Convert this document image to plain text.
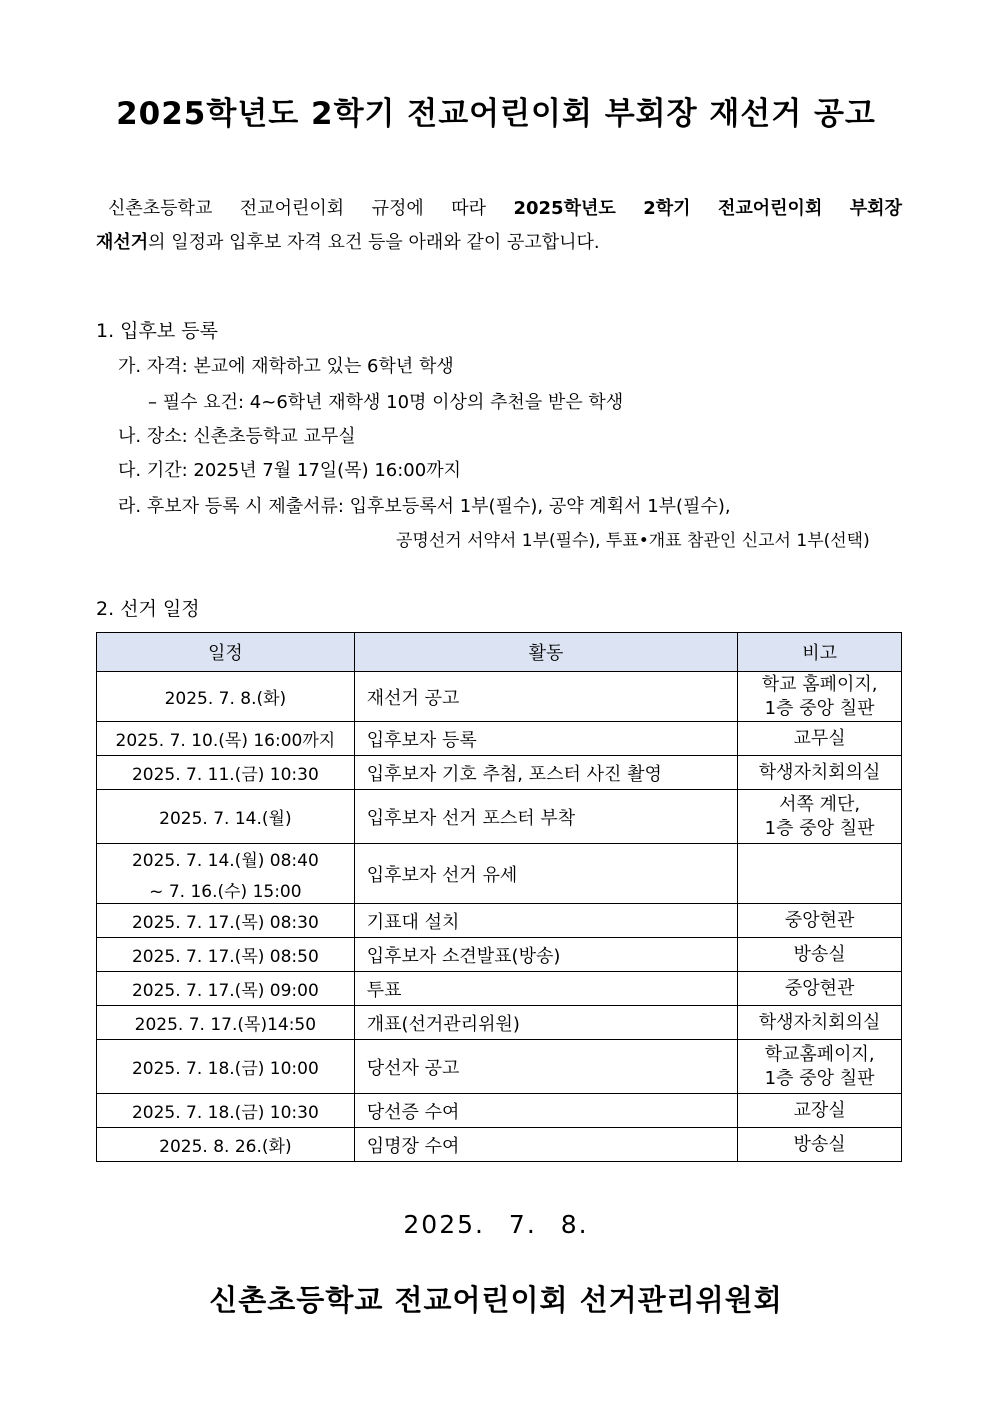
2025학년도 2학기 전교어린이회 부회장 재선거 공고
신촌초등학교 전교어린이회 규정에 따라 2025학년도 2학기 전교어린이회 부회장
재선거의 일정과 입후보 자격 요건 등을 아래와 같이 공고합니다.
1. 입후보 등록
가. 자격: 본교에 재학하고 있는 6학년 학생
– 필수 요건: 4~6학년 재학생 10명 이상의 추천을 받은 학생
나. 장소: 신촌초등학교 교무실
다. 기간: 2025년 7월 17일(목) 16:00까지
라. 후보자 등록 시 제출서류: 입후보등록서 1부(필수), 공약 계획서 1부(필수),
공명선거 서약서 1부(필수), 투표•개표 참관인 신고서 1부(선택)
2. 선거 일정
일정	활동	비고

2025. 7. 8.(화)	재선거 공고	학교 홈페이지,
1층 중앙 칠판

2025. 7. 10.(목) 16:00까지	입후보자 등록	교무실

2025. 7. 11.(금) 10:30	입후보자 기호 추첨, 포스터 사진 촬영	학생자치회의실

2025. 7. 14.(월)	입후보자 선거 포스터 부착	서쪽 계단,
1층 중앙 칠판

2025. 7. 14.(월) 08:40
~ 7. 16.(수) 15:00	입후보자 선거 유세	

2025. 7. 17.(목) 08:30	기표대 설치	중앙현관

2025. 7. 17.(목) 08:50	입후보자 소견발표(방송)	방송실

2025. 7. 17.(목) 09:00	투표	중앙현관

2025. 7. 17.(목)14:50	개표(선거관리위원)	학생자치회의실

2025. 7. 18.(금) 10:00	당선자 공고	학교홈페이지,
1층 중앙 칠판

2025. 7. 18.(금) 10:30	당선증 수여	교장실

2025. 8. 26.(화)	임명장 수여	방송실
2025. 7. 8.
신촌초등학교 전교어린이회 선거관리위원회
